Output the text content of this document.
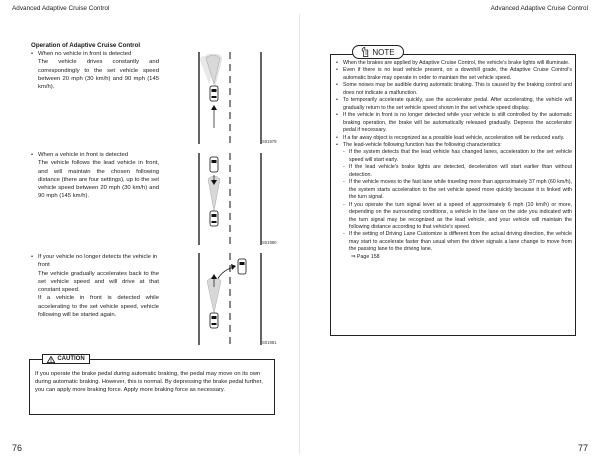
Advanced Adaptive Cruise Control	Advanced Adaptive Cruise Control
Operation of Adaptive Cruise Control
• When no vehicle in front is detected
The vehicle drives constantly and correspondingly to the set vehicle speed between 20 mph (30 km/h) and 90 mph (145 km/h).
• When a vehicle in front is detected
The vehicle follows the lead vehicle in front, and will maintain the chosen following distance (there are four settings), up to the set vehicle speed between 20 mph (30 km/h) and 90 mph (145 km/h).
• If your vehicle no longer detects the vehicle in front
The vehicle gradually accelerates back to the set vehicle speed and will drive at that constant speed.
If a vehicle in front is detected while accelerating to the set vehicle speed, vehicle following will be started again.
S01979
S01980
S01981
CAUTION
If you operate the brake pedal during automatic braking, the pedal may move on its own during automatic braking. However, this is normal. By depressing the brake pedal further, you can apply more braking force. Apply more braking force as necessary.
NOTE
• When the brakes are applied by Adaptive Cruise Control, the vehicle's brake lights will illuminate.
• Even if there is no lead vehicle present, on a downhill grade, the Adaptive Cruise Control's automatic brake may operate in order to maintain the set vehicle speed.
• Some noises may be audible during automatic braking. This is caused by the braking control and does not indicate a malfunction.
• To temporarily accelerate quickly, use the accelerator pedal. After accelerating, the vehicle will gradually return to the set vehicle speed shown in the set vehicle speed display.
• If the vehicle in front is no longer detected while your vehicle is still controlled by the automatic braking operation, the brake will be automatically released gradually. Depress the accelerator pedal if necessary.
• If a far away object is recognized as a possible lead vehicle, acceleration will be reduced early.
• The lead-vehicle following function has the following characteristics:
- If the system detects that the lead vehicle has changed lanes, acceleration to the set vehicle speed will start early.
- If the lead vehicle's brake lights are detected, deceleration will start earlier than without detection.
- If the vehicle moves to the fast lane while traveling more than approximately 37 mph (60 km/h), the system starts acceleration to the set vehicle speed more quickly because it is linked with the turn signal.
- If you operate the turn signal lever at a speed of approximately 6 mph (10 km/h) or more, depending on the surrounding conditions, a vehicle in the lane on the side you indicated with the turn signal may be recognized as the lead vehicle, and your vehicle will maintain the following distance according to that vehicle's speed.
- If the setting of Driving Lane Customize is different from the actual driving direction, the vehicle may start to accelerate faster than usual when the driver signals a lane change to move from the passing lane to the driving lane.
⇒ Page 158
76	77
